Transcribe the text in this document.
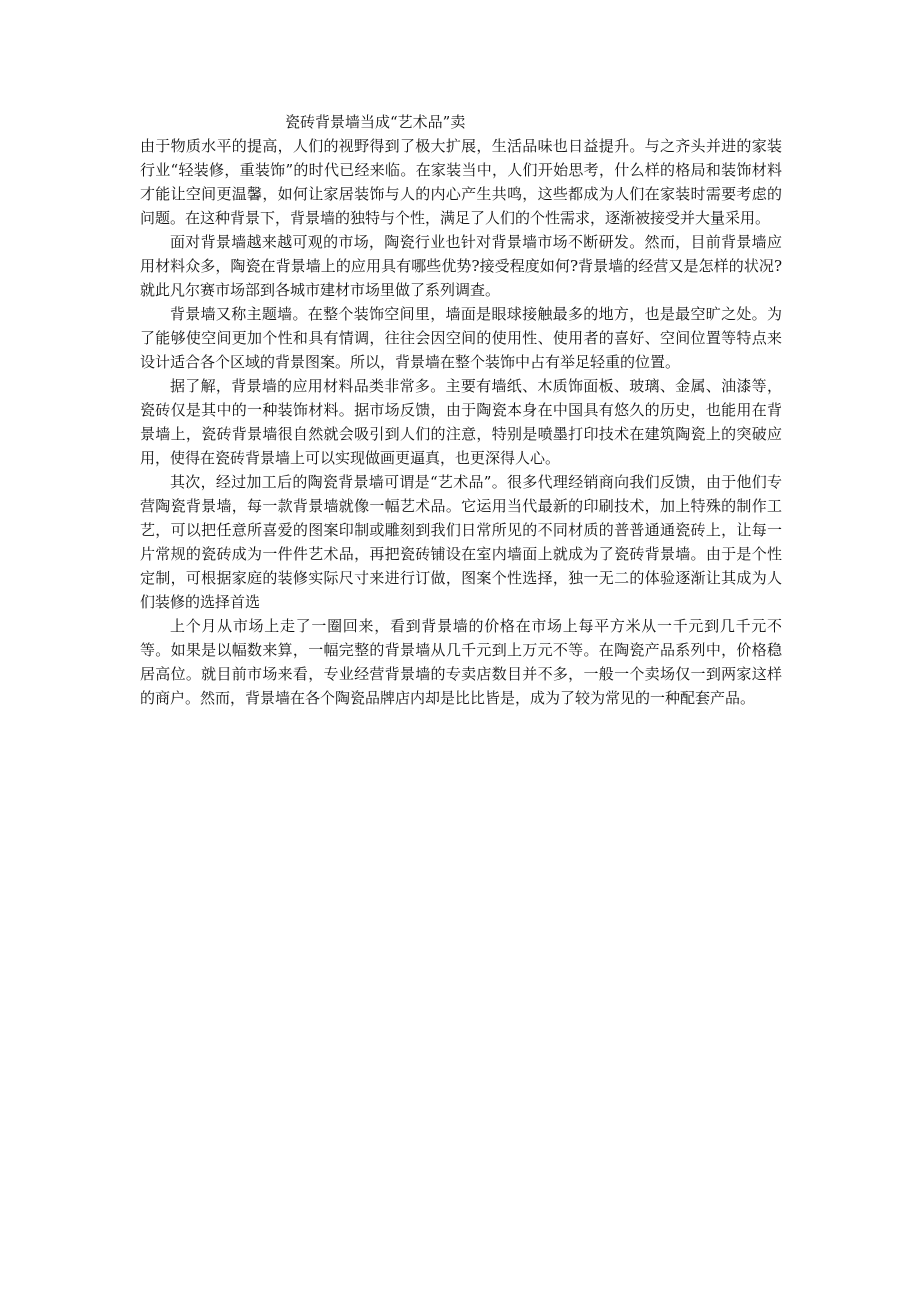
瓷砖背景墙当成“艺术品”卖

由于物质水平的提高，人们的视野得到了极大扩展，生活品味也日益提升。与之齐头并进的家装行业“轻装修，重装饰”的时代已经来临。在家装当中，人们开始思考，什么样的格局和装饰材料才能让空间更温馨，如何让家居装饰与人的内心产生共鸣，这些都成为人们在家装时需要考虑的问题。在这种背景下，背景墙的独特与个性，满足了人们的个性需求，逐渐被接受并大量采用。

面对背景墙越来越可观的市场，陶瓷行业也针对背景墙市场不断研发。然而，目前背景墙应用材料众多，陶瓷在背景墙上的应用具有哪些优势?接受程度如何?背景墙的经营又是怎样的状况?就此凡尔赛市场部到各城市建材市场里做了系列调查。

背景墙又称主题墙。在整个装饰空间里，墙面是眼球接触最多的地方，也是最空旷之处。为了能够使空间更加个性和具有情调，往往会因空间的使用性、使用者的喜好、空间位置等特点来设计适合各个区域的背景图案。所以，背景墙在整个装饰中占有举足轻重的位置。

据了解，背景墙的应用材料品类非常多。主要有墙纸、木质饰面板、玻璃、金属、油漆等，瓷砖仅是其中的一种装饰材料。据市场反馈，由于陶瓷本身在中国具有悠久的历史，也能用在背景墙上，瓷砖背景墙很自然就会吸引到人们的注意，特别是喷墨打印技术在建筑陶瓷上的突破应用，使得在瓷砖背景墙上可以实现做画更逼真，也更深得人心。

其次，经过加工后的陶瓷背景墙可谓是“艺术品”。很多代理经销商向我们反馈，由于他们专营陶瓷背景墙，每一款背景墙就像一幅艺术品。它运用当代最新的印刷技术，加上特殊的制作工艺，可以把任意所喜爱的图案印制或雕刻到我们日常所见的不同材质的普普通通瓷砖上，让每一片常规的瓷砖成为一件件艺术品，再把瓷砖铺设在室内墙面上就成为了瓷砖背景墙。由于是个性定制，可根据家庭的装修实际尺寸来进行订做，图案个性选择，独一无二的体验逐渐让其成为人们装修的选择首选

上个月从市场上走了一圈回来，看到背景墙的价格在市场上每平方米从一千元到几千元不等。如果是以幅数来算，一幅完整的背景墙从几千元到上万元不等。在陶瓷产品系列中，价格稳居高位。就目前市场来看，专业经营背景墙的专卖店数目并不多，一般一个卖场仅一到两家这样的商户。然而，背景墙在各个陶瓷品牌店内却是比比皆是，成为了较为常见的一种配套产品。
